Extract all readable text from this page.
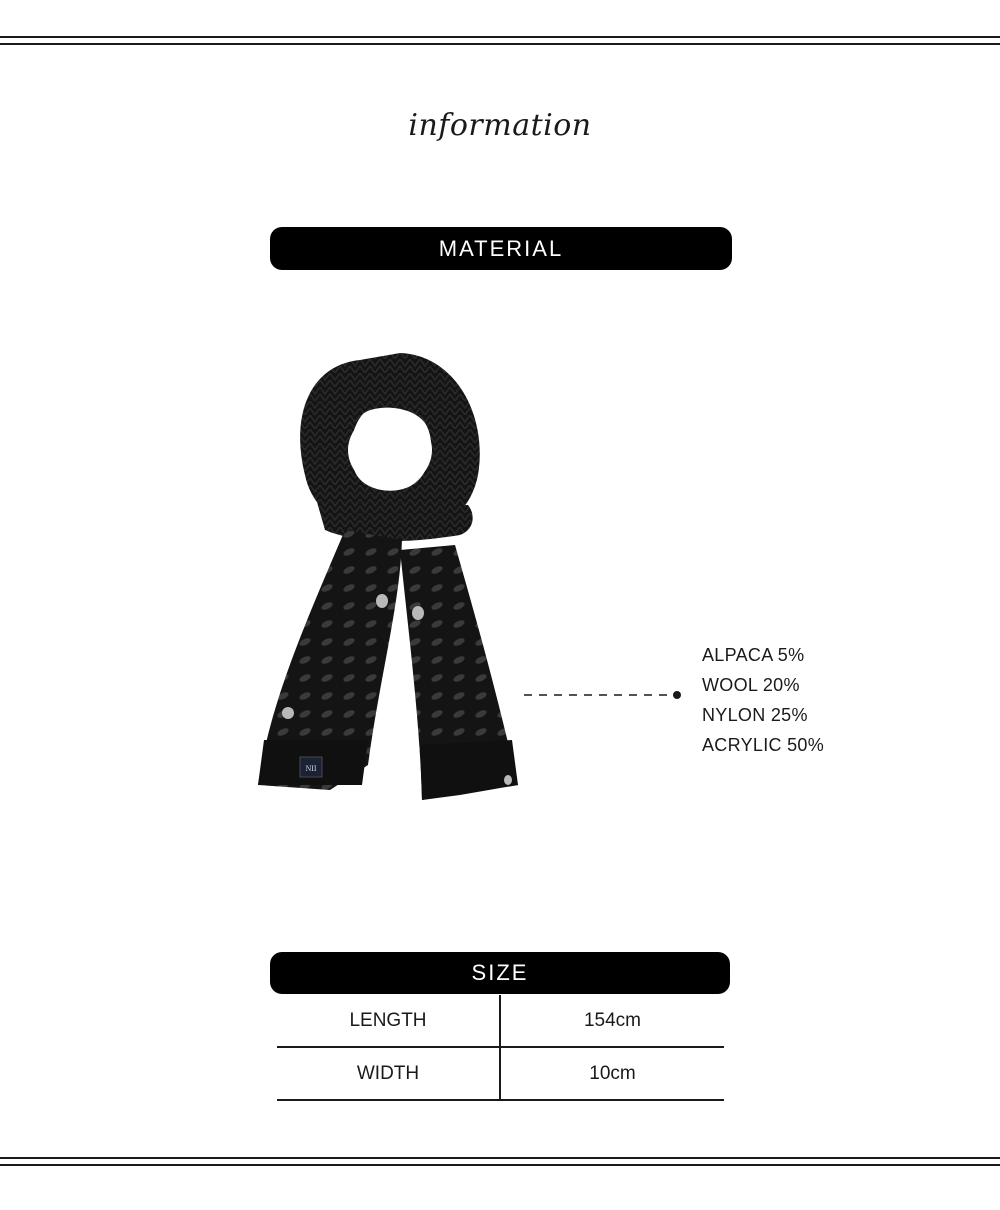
information
MATERIAL
NII
ALPACA 5%
WOOL 20%
NYLON 25%
ACRYLIC 50%
SIZE
LENGTH	154cm
WIDTH	10cm
